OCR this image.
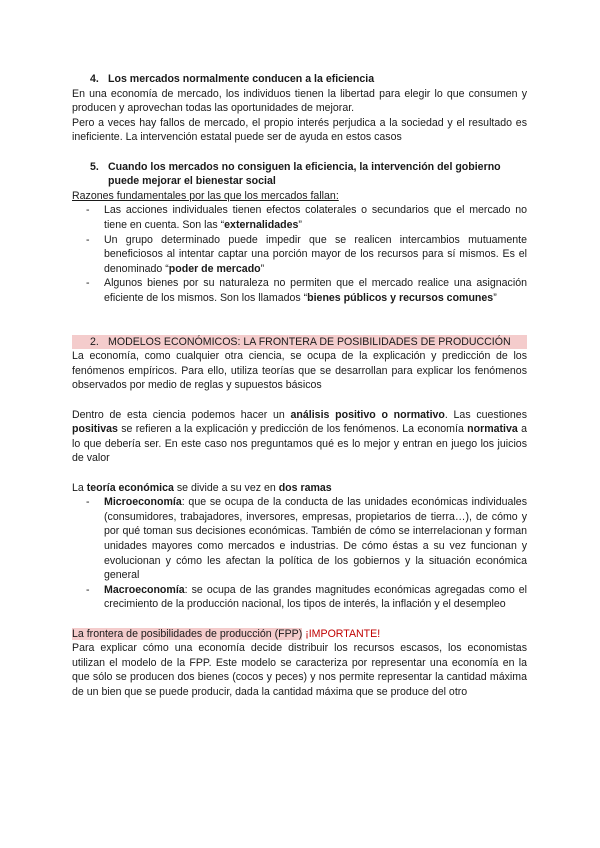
4. Los mercados normalmente conducen a la eficiencia
En una economía de mercado, los individuos tienen la libertad para elegir lo que consumen y producen y aprovechan todas las oportunidades de mejorar.
Pero a veces hay fallos de mercado, el propio interés perjudica a la sociedad y el resultado es ineficiente. La intervención estatal puede ser de ayuda en estos casos
5. Cuando los mercados no consiguen la eficiencia, la intervención del gobierno puede mejorar el bienestar social
Razones fundamentales por las que los mercados fallan:
-	Las acciones individuales tienen efectos colaterales o secundarios que el mercado no tiene en cuenta. Son las “externalidades”
-	Un grupo determinado puede impedir que se realicen intercambios mutuamente beneficiosos al intentar captar una porción mayor de los recursos para sí mismos. Es el denominado “poder de mercado”
-	Algunos bienes por su naturaleza no permiten que el mercado realice una asignación eficiente de los mismos. Son los llamados “bienes públicos y recursos comunes”
2. MODELOS ECONÓMICOS: LA FRONTERA DE POSIBILIDADES DE PRODUCCIÓN
La economía, como cualquier otra ciencia, se ocupa de la explicación y predicción de los fenómenos empíricos. Para ello, utiliza teorías que se desarrollan para explicar los fenómenos observados por medio de reglas y supuestos básicos
Dentro de esta ciencia podemos hacer un análisis positivo o normativo. Las cuestiones positivas se refieren a la explicación y predicción de los fenómenos. La economía normativa a lo que debería ser. En este caso nos preguntamos qué es lo mejor y entran en juego los juicios de valor
La teoría económica se divide a su vez en dos ramas
-	Microeconomía: que se ocupa de la conducta de las unidades económicas individuales (consumidores, trabajadores, inversores, empresas, propietarios de tierra…), de cómo y por qué toman sus decisiones económicas. También de cómo se interrelacionan y forman unidades mayores como mercados e industrias. De cómo éstas a su vez funcionan y evolucionan y cómo les afectan la política de los gobiernos y la situación económica general
-	Macroeconomía: se ocupa de las grandes magnitudes económicas agregadas como el crecimiento de la producción nacional, los tipos de interés, la inflación y el desempleo
La frontera de posibilidades de producción (FPP) ¡IMPORTANTE!
Para explicar cómo una economía decide distribuir los recursos escasos, los economistas utilizan el modelo de la FPP. Este modelo se caracteriza por representar una economía en la que sólo se producen dos bienes (cocos y peces) y nos permite representar la cantidad máxima de un bien que se puede producir, dada la cantidad máxima que se produce del otro
